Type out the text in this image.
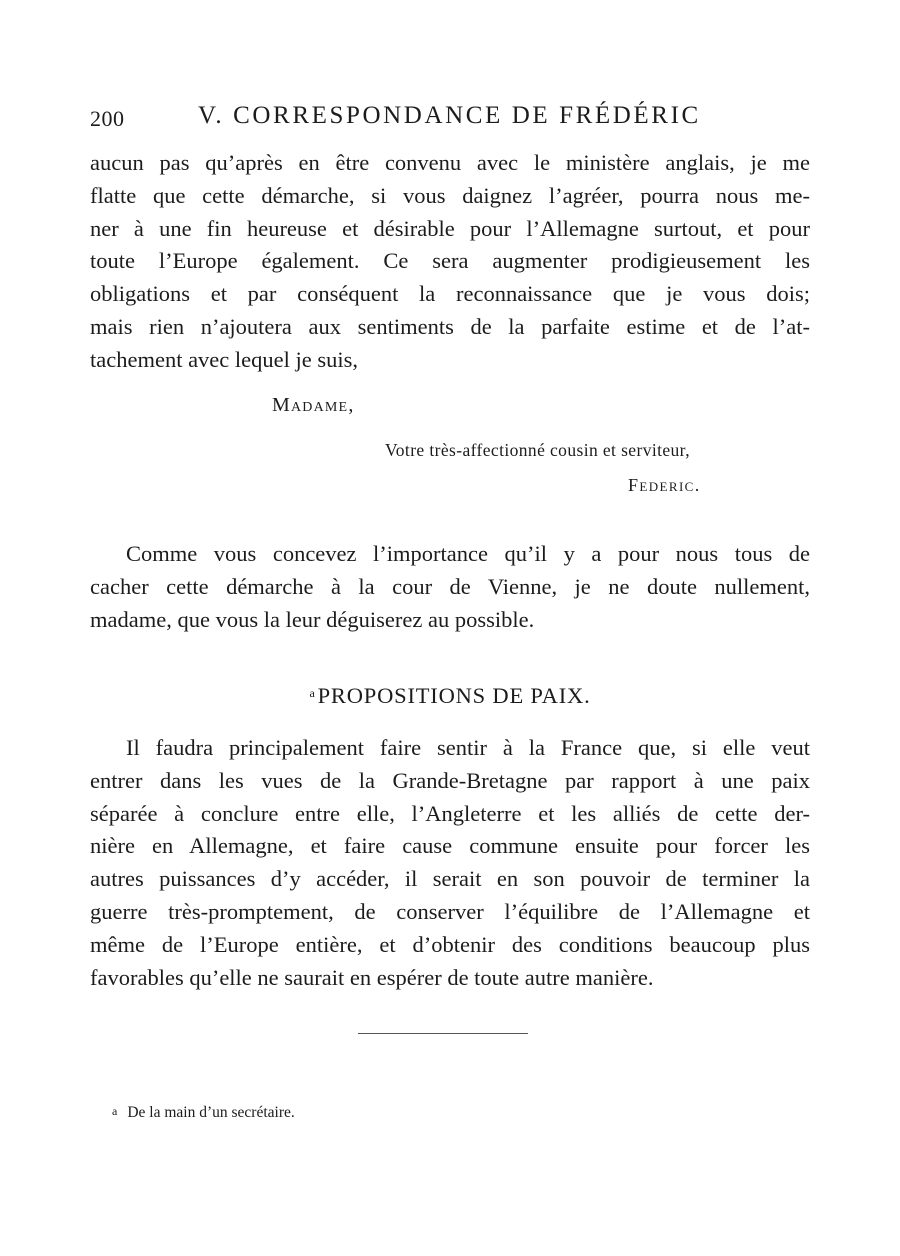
200	V. CORRESPONDANCE DE FRÉDÉRIC

aucun pas qu’après en être convenu avec le ministère anglais, je me
flatte que cette démarche, si vous daignez l’agréer, pourra nous me-
ner à une fin heureuse et désirable pour l’Allemagne surtout, et pour
toute l’Europe également. Ce sera augmenter prodigieusement les
obligations et par conséquent la reconnaissance que je vous dois;
mais rien n’ajoutera aux sentiments de la parfaite estime et de l’at-
tachement avec lequel je suis,

Madame,
Votre très-affectionné cousin et serviteur,
Federic.

Comme vous concevez l’importance qu’il y a pour nous tous de
cacher cette démarche à la cour de Vienne, je ne doute nullement,
madame, que vous la leur déguiserez au possible.

$^a$PROPOSITIONS DE PAIX.

Il faudra principalement faire sentir à la France que, si elle veut
entrer dans les vues de la Grande-Bretagne par rapport à une paix
séparée à conclure entre elle, l’Angleterre et les alliés de cette der-
nière en Allemagne, et faire cause commune ensuite pour forcer les
autres puissances d’y accéder, il serait en son pouvoir de terminer la
guerre très-promptement, de conserver l’équilibre de l’Allemagne et
même de l’Europe entière, et d’obtenir des conditions beaucoup plus
favorables qu’elle ne saurait en espérer de toute autre manière.

a De la main d’un secrétaire.
